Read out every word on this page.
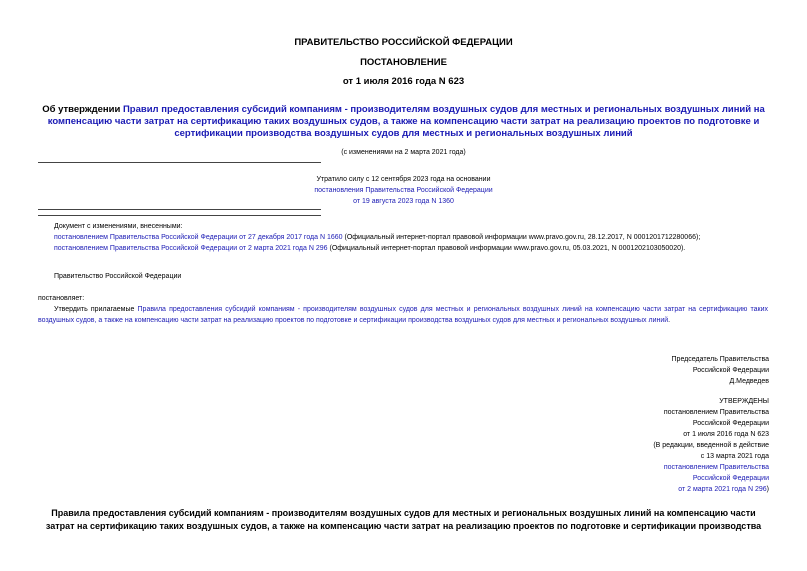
ПРАВИТЕЛЬСТВО РОССИЙСКОЙ ФЕДЕРАЦИИ
ПОСТАНОВЛЕНИЕ
от 1 июля 2016 года N 623
Об утверждении Правил предоставления субсидий компаниям - производителям воздушных судов для местных и региональных воздушных линий на компенсацию части затрат на сертификацию таких воздушных судов, а также на компенсацию части затрат на реализацию проектов по подготовке и сертификации производства воздушных судов для местных и региональных воздушных линий
(с изменениями на 2 марта 2021 года)
Утратило силу с 12 сентября 2023 года на основании
постановления Правительства Российской Федерации
от 19 августа 2023 года N 1360
Документ с изменениями, внесенными:
постановлением Правительства Российской Федерации от 27 декабря 2017 года N 1660 (Официальный интернет-портал правовой информации www.pravo.gov.ru, 28.12.2017, N 0001201712280066);
постановлением Правительства Российской Федерации от 2 марта 2021 года N 296 (Официальный интернет-портал правовой информации www.pravo.gov.ru, 05.03.2021, N 0001202103050020).
Правительство Российской Федерации
постановляет:
Утвердить прилагаемые Правила предоставления субсидий компаниям - производителям воздушных судов для местных и региональных воздушных линий на компенсацию части затрат на сертификацию таких воздушных судов, а также на компенсацию части затрат на реализацию проектов по подготовке и сертификации производства воздушных судов для местных и региональных воздушных линий.
Председатель Правительства
Российской Федерации
Д.Медведев
УТВЕРЖДЕНЫ
постановлением Правительства
Российской Федерации
от 1 июля 2016 года N 623
(В редакции, введенной в действие
с 13 марта 2021 года
постановлением Правительства
Российской Федерации
от 2 марта 2021 года N 296)
Правила предоставления субсидий компаниям - производителям воздушных судов для местных и региональных воздушных линий на компенсацию части затрат на сертификацию таких воздушных судов, а также на компенсацию части затрат на реализацию проектов по подготовке и сертификации производства
